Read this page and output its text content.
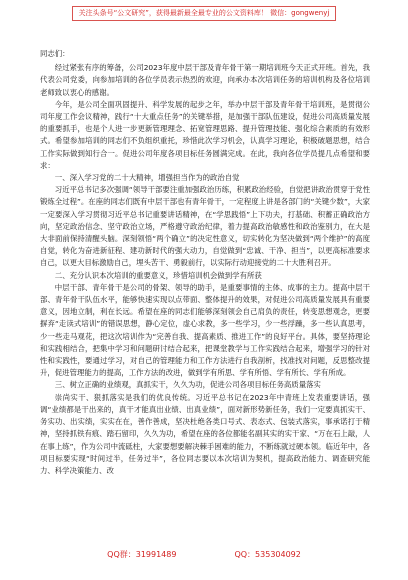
关注头条号“公文研究”，获得最新最全最专业的公文资料库！ 微信：gongwenyj

同志们：

经过紧张有序的筹备，公司2023年度中层干部及青年骨干第一期培训班今天正式开班。首先，我代表公司党委，向参加培训的各位学员表示热烈的欢迎，向承办本次培训任务的培训机构及各位培训老师致以衷心的感谢。

今年，是公司全面巩固提升、科学发展的起步之年，举办中层干部及青年骨干培训班，是贯彻公司年度工作会议精神，践行“十大重点任务”的关键举措，是加强干部队伍建设，促进公司高质量发展的重要抓手，也是个人进一步更新管理理念、拓宽管理思路、提升管理技能、强化综合素质的有效形式。希望参加培训的同志们不负组织重托，珍惜此次学习机会，认真学习理论，积极破题思想，结合工作实际做到知行合一。促进公司年度各项目标任务圆满完成。在此，我向各位学员提几点希望和要求：

一、深入学习党的二十大精神，增强担当作为的政治自觉

习近平总书记多次强调“领导干部要注重加强政治历练，积累政治经验，自觉把讲政治贯穿于党性锻炼全过程”。在座的同志们既有中层干部也有青年骨干，一定程度上讲是各部门的“关键少数”，大家一定要深入学习贯彻习近平总书记重要讲话精神，在“学思践悟”上下功夫，打基础、积蓄正确政治方向，坚定政治信念、坚守政治立场，严格遵守政治纪律，着力提高政治敏感性和政治鉴别力，在大是大非面前保持清醒头脑。深刻领悟“两个确立”的决定性意义，切实转化为坚决做到“两个维护”的高度自觉，转化为奋进新征程、建功新时代的强大动力，自觉做到“忠诚、干净、担当”，以更高标准要求自己，以更大目标激励自己，埋头苦干、勇毅前行，以实际行动迎接党的二十大胜利召开。

二、充分认识本次培训的重要意义，珍惜培训机会做到学有所获

中层干部、青年骨干是公司的骨架、领导的助手，是重要事情的主体、成事的主力。提高中层干部、青年骨干队伍水平，能够快速实现以点带面、整体提升的效果，对促进公司高质量发展具有重要意义，因地立制，利在长远。希望在座的同志们能够深刻领会自己肩负的责任，转变思想观念，更要摒弃“走读式培训”的错误思想，静心定位，虚心求教，多一些学习，少一些浮躁，多一些认真思考，少一些走马观花，把这次培训作为“完善自我、提高素质、推进工作”的良好平台。具体，要坚持理论和实践相结合，把集中学习和问题研讨结合起来，把课堂教学与工作实践结合起来，增强学习的针对性和实践性，要通过学习，对自己的管理能力和工作方法进行自我剖析，找准找对问题，反思整改提升，促进管理能力的提高，工作方法的改进，做到学有所思、学有所悟、学有所长、学有所成。

三、树立正确的业绩观，真抓实干，久久为功，促进公司各项目标任务高质量落实

崇尚实干、狠抓落实是我们的优良传统。习近平总书记在2023年中青班上发表重要讲话，强调“业绩都是干出来的，真干才能真出业绩、出真业绩”，面对新形势新任务，我们一定要真抓实干、务实功、出实绩，实实在在，善作善成，坚决杜绝各类口号式、表态式、包装式落实，事承诺打于精神，坚持抓铁有痕、踏石留印，久久为功，希望在座的各位都能名副其实的实干家、“万在石上敲，人在事上练”，作为公司中流砥柱，大家要想要解决棘手困难的能力，不断练就过硬本领。临近年中，各项目标要实现“时间过半，任务过半”，各位同志要以本次培训为契机，提高政治能力、调查研究能力、科学决策能力、改

QQ群：31991489	QQ：535304092
